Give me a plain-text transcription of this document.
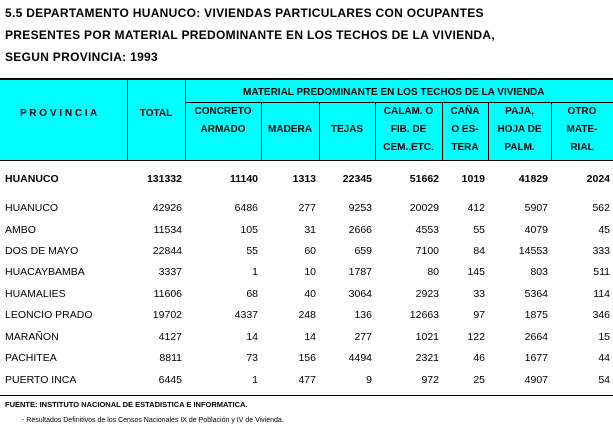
5.5 DEPARTAMENTO HUANUCO: VIVIENDAS PARTICULARES CON OCUPANTES
PRESENTES POR MATERIAL PREDOMINANTE EN LOS TECHOS DE LA VIVIENDA,
SEGUN PROVINCIA: 1993
P R O V I N C I A	TOTAL
MATERIAL PREDOMINANTE EN LOS TECHOS DE LA VIVIENDA
CONCRETO
ARMADO	MADERA	TEJAS
CALAM. O
FIB. DE
CEM.,ETC.
CAÑA
O ES-
TERA
PAJA,
HOJA DE
PALM.
OTRO
MATE-
RIAL
HUANUCO	131332	11140	1313	22345	51662	1019	41829	2024
HUANUCO	42926	6486	277	9253	20029	412	5907	562
AMBO	11534	105	31	2666	4553	55	4079	45
DOS DE MAYO	22844	55	60	659	7100	84	14553	333
HUACAYBAMBA	3337	1	10	1787	80	145	803	511
HUAMALIES	11606	68	40	3064	2923	33	5364	114
LEONCIO PRADO	19702	4337	248	136	12663	97	1875	346
MARAÑON	4127	14	14	277	1021	122	2664	15
PACHITEA	8811	73	156	4494	2321	46	1677	44
PUERTO INCA	6445	1	477	9	972	25	4907	54
FUENTE: INSTITUTO NACIONAL DE ESTADISTICA E INFORMATICA.
- Resultados Definitivos de los Censos Nacionales IX de Población y IV de Vivienda.
